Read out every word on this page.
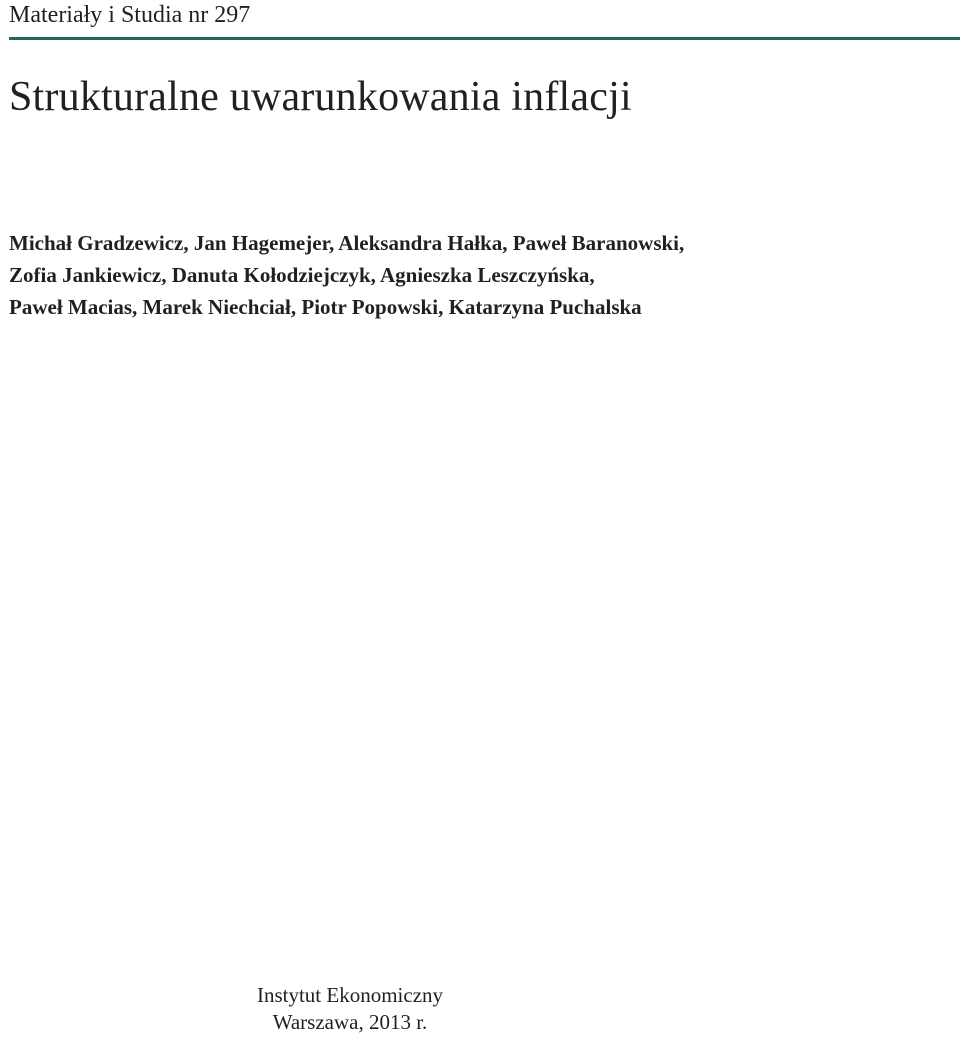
Materiały i Studia nr 297
Strukturalne uwarunkowania inflacji
Michał Gradzewicz, Jan Hagemejer, Aleksandra Hałka, Paweł Baranowski,
Zofia Jankiewicz, Danuta Kołodziejczyk, Agnieszka Leszczyńska,
Paweł Macias, Marek Niechciał, Piotr Popowski, Katarzyna Puchalska
Instytut Ekonomiczny
Warszawa, 2013 r.
